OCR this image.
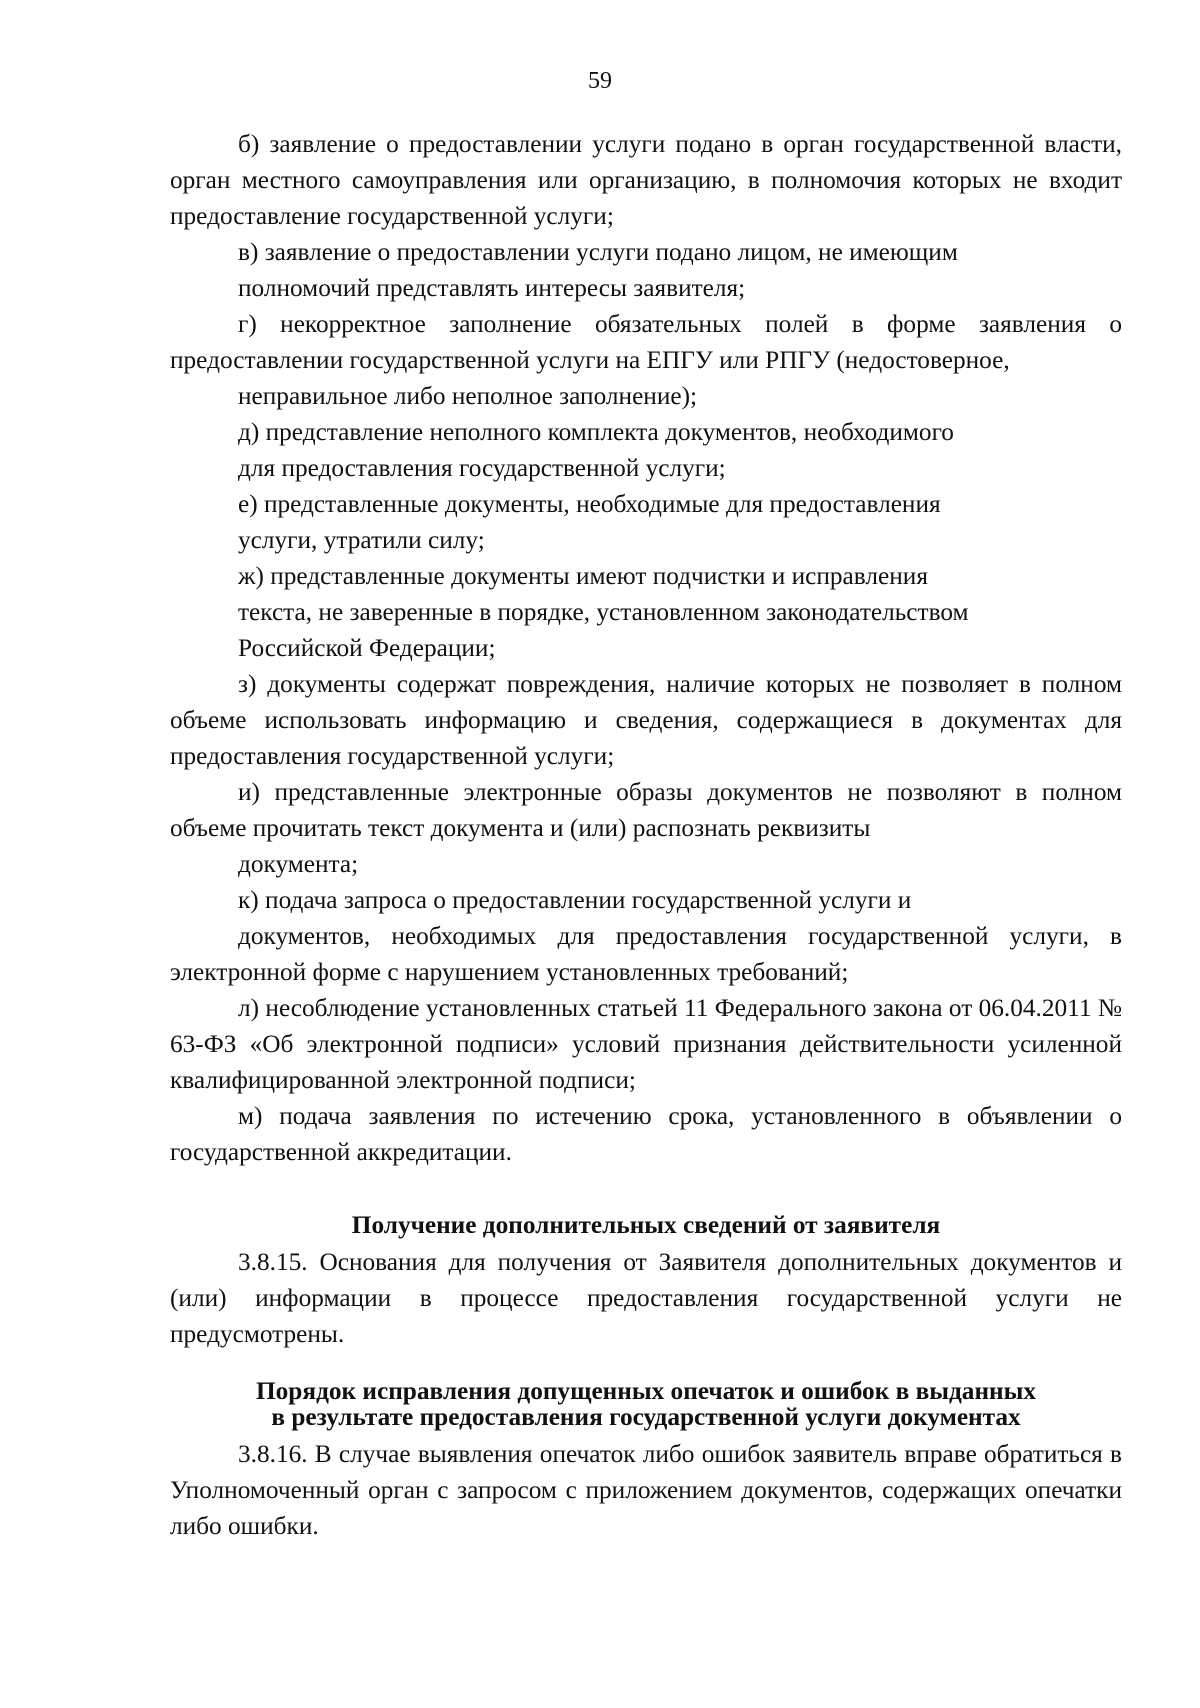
59

б) заявление о предоставлении услуги подано в орган государственной власти, орган местного самоуправления или организацию, в полномочия которых не входит предоставление государственной услуги;

в) заявление о предоставлении услуги подано лицом, не имеющим
полномочий представлять интересы заявителя;

г) некорректное заполнение обязательных полей в форме заявления о предоставлении государственной услуги на ЕПГУ или РПГУ (недостоверное,

неправильное либо неполное заполнение);
д) представление неполного комплекта документов, необходимого
для предоставления государственной услуги;
е) представленные документы, необходимые для предоставления
услуги, утратили силу;
ж) представленные документы имеют подчистки и исправления
текста, не заверенные в порядке, установленном законодательством
Российской Федерации;

з) документы содержат повреждения, наличие которых не позволяет в полном объеме использовать информацию и сведения, содержащиеся в документах для предоставления государственной услуги;

и) представленные электронные образы документов не позволяют в полном объеме прочитать текст документа и (или) распознать реквизиты

документа;
к) подача запроса о предоставлении государственной услуги и

документов, необходимых для предоставления государственной услуги, в электронной форме с нарушением установленных требований;

л) несоблюдение установленных статьей 11 Федерального закона от 06.04.2011 № 63-ФЗ «Об электронной подписи» условий признания действительности усиленной квалифицированной электронной подписи;

м) подача заявления по истечению срока, установленного в объявлении о государственной аккредитации.

Получение дополнительных сведений от заявителя

3.8.15. Основания для получения от Заявителя дополнительных документов и (или) информации в процессе предоставления государственной услуги не предусмотрены.

Порядок исправления допущенных опечаток и ошибок в выданных
в результате предоставления государственной услуги документах

3.8.16. В случае выявления опечаток либо ошибок заявитель вправе обратиться в Уполномоченный орган с запросом с приложением документов, содержащих опечатки либо ошибки.
